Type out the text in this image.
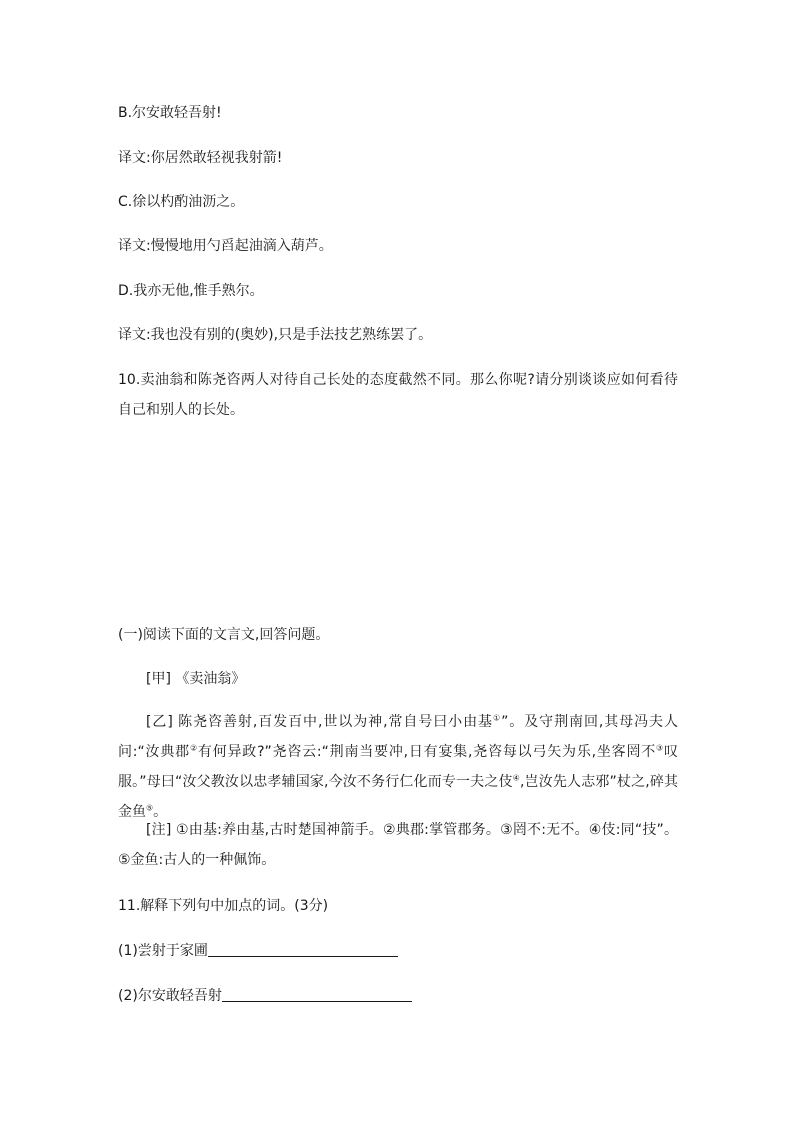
B.尔安敢轻吾射!
译文:你居然敢轻视我射箭!
C.徐以杓酌油沥之。
译文:慢慢地用勺舀起油滴入葫芦。
D.我亦无他,惟手熟尔。
译文:我也没有别的(奥妙),只是手法技艺熟练罢了。
10.卖油翁和陈尧咨两人对待自己长处的态度截然不同。那么你呢?请分别谈谈应如何看待自己和别人的长处。
(一)阅读下面的文言文,回答问题。
[甲] 《卖油翁》
[乙] 陈尧咨善射,百发百中,世以为神,常自号曰小由基①”。及守荆南回,其母冯夫人问:“汝典郡②有何异政?”尧咨云:“荆南当要冲,日有宴集,尧咨每以弓矢为乐,坐客罔不③叹服。”母曰“汝父教汝以忠孝辅国家,今汝不务行仁化而专一夫之伎④,岂汝先人志邪”杖之,碎其金鱼⑤。
[注] ①由基:养由基,古时楚国神箭手。②典郡:掌管郡务。③罔不:无不。④伎:同“技”。⑤金鱼:古人的一种佩饰。
11.解释下列句中加点的词。(3分)
(1)尝射于家圃
(2)尔安敢轻吾射
